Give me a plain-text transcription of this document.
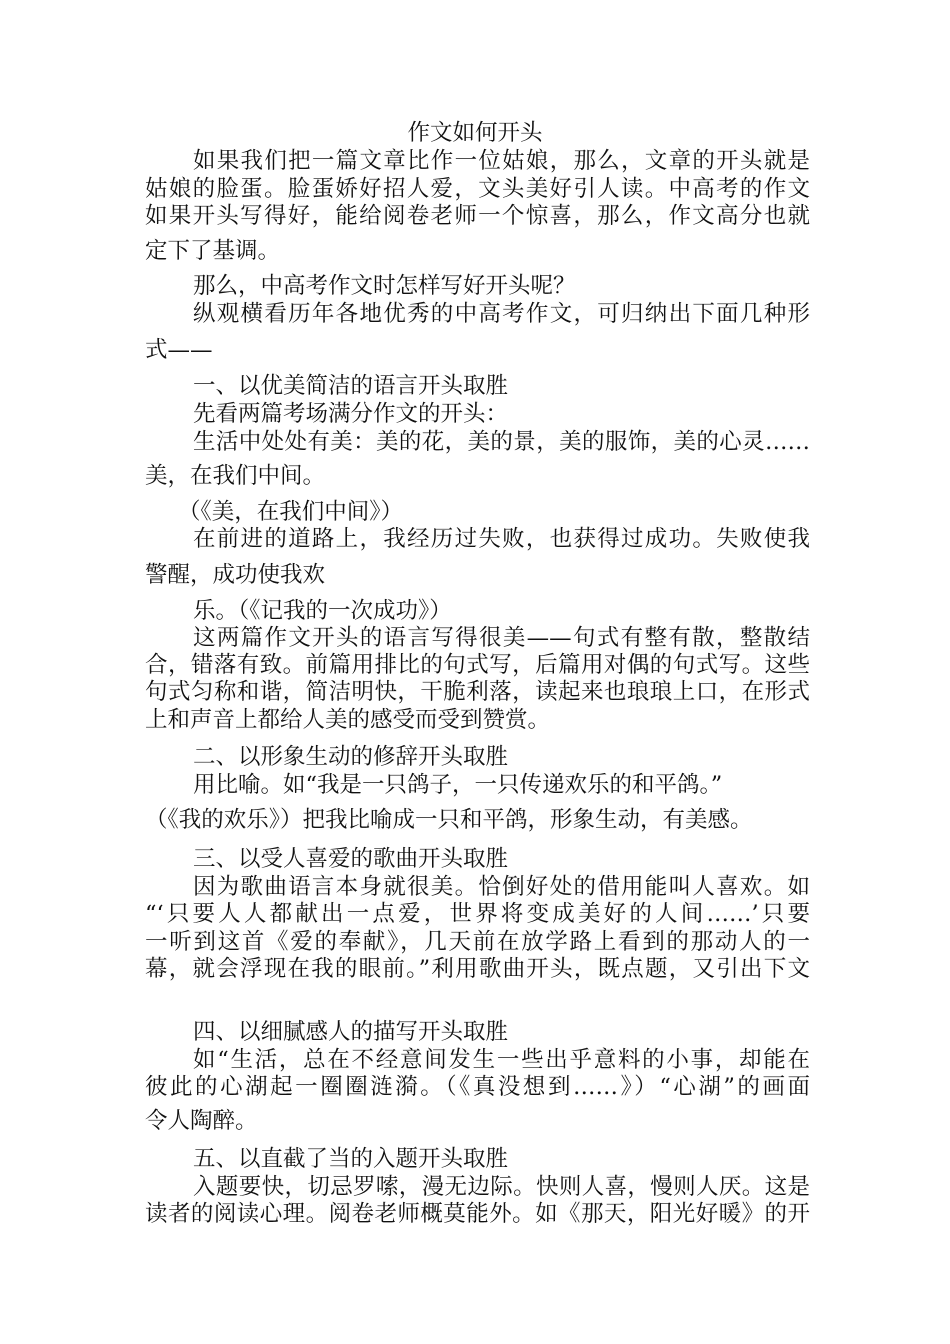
作文如何开头
如果我们把一篇文章比作一位姑娘，那么，文章的开头就是
姑娘的脸蛋。脸蛋娇好招人爱，文头美好引人读。中高考的作文
如果开头写得好，能给阅卷老师一个惊喜，那么，作文高分也就
定下了基调。
那么，中高考作文时怎样写好开头呢？
纵观横看历年各地优秀的中高考作文，可归纳出下面几种形
式——
一、以优美简洁的语言开头取胜
先看两篇考场满分作文的开头：
生活中处处有美：美的花，美的景，美的服饰，美的心灵……
美，在我们中间。
（《美，在我们中间》）
在前进的道路上，我经历过失败，也获得过成功。失败使我
警醒，成功使我欢
乐。（《记我的一次成功》）
这两篇作文开头的语言写得很美——句式有整有散，整散结
合，错落有致。前篇用排比的句式写，后篇用对偶的句式写。这些
句式匀称和谐，简洁明快，干脆利落，读起来也琅琅上口，在形式
上和声音上都给人美的感受而受到赞赏。
二、以形象生动的修辞开头取胜
用比喻。如“我是一只鸽子，一只传递欢乐的和平鸽。”
（《我的欢乐》）把我比喻成一只和平鸽，形象生动，有美感。
三、以受人喜爱的歌曲开头取胜
因为歌曲语言本身就很美。恰倒好处的借用能叫人喜欢。如
“‘只要人人都献出一点爱，世界将变成美好的人间……’只要
一听到这首《爱的奉献》，几天前在放学路上看到的那动人的一
幕，就会浮现在我的眼前。”利用歌曲开头，既点题，又引出下文
四、以细腻感人的描写开头取胜
如“生活，总在不经意间发生一些出乎意料的小事，却能在
彼此的心湖起一圈圈涟漪。（《真没想到……》）“心湖”的画面
令人陶醉。
五、以直截了当的入题开头取胜
入题要快，切忌罗嗦，漫无边际。快则人喜，慢则人厌。这是
读者的阅读心理。阅卷老师概莫能外。如《那天，阳光好暖》的开
